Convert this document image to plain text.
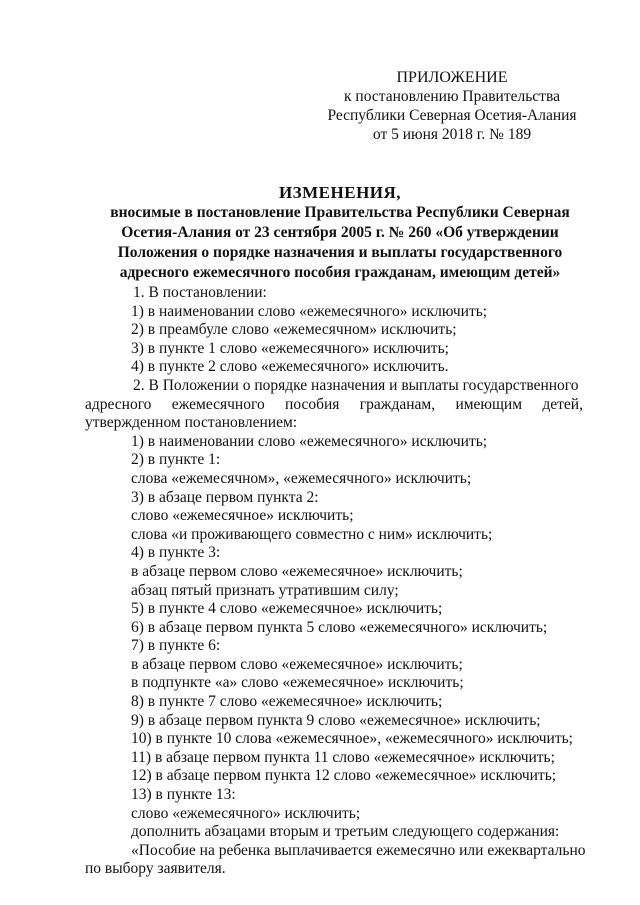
ПРИЛОЖЕНИЕ
к постановлению Правительства
Республики Северная Осетия-Алания
от 5 июня 2018 г. № 189
ИЗМЕНЕНИЯ,
вносимые в постановление Правительства Республики Северная
Осетия-Алания от 23 сентября 2005 г. № 260 «Об утверждении
Положения о порядке назначения и выплаты государственного
адресного ежемесячного пособия гражданам, имеющим детей»
1. В постановлении:
1) в наименовании слово «ежемесячного» исключить;
2) в преамбуле слово «ежемесячном» исключить;
3) в пункте 1 слово «ежемесячного» исключить;
4) в пункте 2 слово «ежемесячного» исключить.
2. В Положении о порядке назначения и выплаты государственного
адресного ежемесячного пособия гражданам, имеющим детей,
утвержденном постановлением:
1) в наименовании слово «ежемесячного» исключить;
2) в пункте 1:
слова «ежемесячном», «ежемесячного» исключить;
3) в абзаце первом пункта 2:
слово «ежемесячное» исключить;
слова «и проживающего совместно с ним» исключить;
4) в пункте 3:
в абзаце первом слово «ежемесячное» исключить;
абзац пятый признать утратившим силу;
5) в пункте 4 слово «ежемесячное» исключить;
6) в абзаце первом пункта 5 слово «ежемесячного» исключить;
7) в пункте 6:
в абзаце первом слово «ежемесячное» исключить;
в подпункте «а» слово «ежемесячное» исключить;
8) в пункте 7 слово «ежемесячное» исключить;
9) в абзаце первом пункта 9 слово «ежемесячное» исключить;
10) в пункте 10 слова «ежемесячное», «ежемесячного» исключить;
11) в абзаце первом пункта 11 слово «ежемесячное» исключить;
12) в абзаце первом пункта 12 слово «ежемесячное» исключить;
13) в пункте 13:
слово «ежемесячного» исключить;
дополнить абзацами вторым и третьим следующего содержания:
«Пособие на ребенка выплачивается ежемесячно или ежеквартально
по выбору заявителя.
